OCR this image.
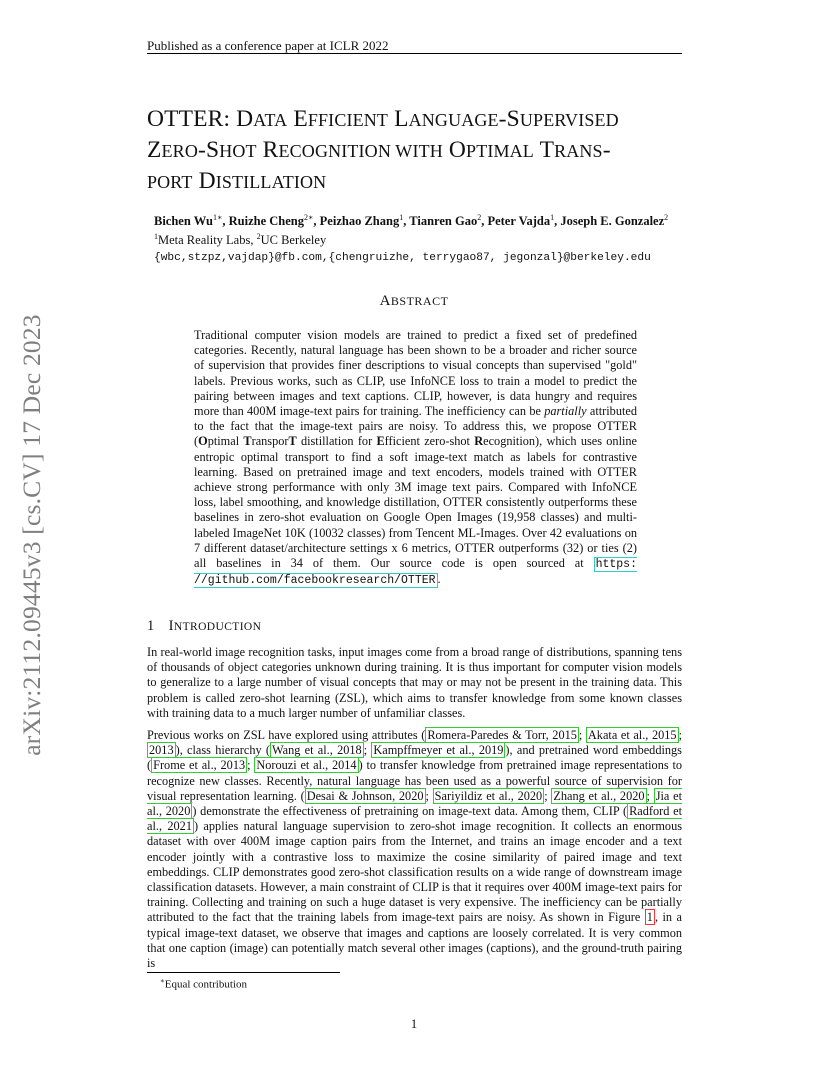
Published as a conference paper at ICLR 2022
arXiv:2112.09445v3 [cs.CV] 17 Dec 2023
OTTER: DATA EFFICIENT LANGUAGE-SUPERVISED
ZERO-SHOT RECOGNITION WITH OPTIMAL TRANS-
PORT DISTILLATION
Bichen $Wu^{1∗}$, Ruizhe Cheng$^{2∗}$, Peizhao Zhang$^1$, Tianren Gao$^2$, Peter Vajda$^1$, Joseph E. Gonzalez$^2$
$^1$Meta Reality Labs, $^2$UC Berkeley
{wbc,stzpz,vajdap}@fb.com,{chengruizhe, terrygao87, jegonzal}@berkeley.edu
ABSTRACT
Traditional computer vision models are trained to predict a fixed set of predefined categories. Recently, natural language has been shown to be a broader and richer source of supervision that provides finer descriptions to visual concepts than supervised "gold" labels. Previous works, such as CLIP, use InfoNCE loss to train a model to predict the pairing between images and text captions. CLIP, however, is data hungry and requires more than 400M image-text pairs for training. The inefficiency can be partially attributed to the fact that the image-text pairs are noisy. To address this, we propose OTTER (Optimal TransporT distillation for Efficient zero-shot Recognition), which uses online entropic optimal transport to find a soft image-text match as labels for contrastive learning. Based on pretrained image and text encoders, models trained with OTTER achieve strong performance with only 3M image text pairs. Compared with InfoNCE loss, label smoothing, and knowledge distillation, OTTER consistently outperforms these baselines in zero-shot evaluation on Google Open Images (19,958 classes) and multi-labeled ImageNet 10K (10032 classes) from Tencent ML-Images. Over 42 evaluations on 7 different dataset/architecture settings x 6 metrics, OTTER outperforms (32) or ties (2) all baselines in 34 of them. Our source code is open sourced at https: //github.com/facebookresearch/OTTER .
1 INTRODUCTION
In real-world image recognition tasks, input images come from a broad range of distributions, spanning tens of thousands of object categories unknown during training. It is thus important for computer vision models to generalize to a large number of visual concepts that may or may not be present in the training data. This problem is called zero-shot learning (ZSL), which aims to transfer knowledge from some known classes with training data to a much larger number of unfamiliar classes.
Previous works on ZSL have explored using attributes ( Romera-Paredes & Torr, 2015 ; Akata et al., 2015 ; 2013 ), class hierarchy ( Wang et al., 2018 ; Kampffmeyer et al., 2019 ), and pretrained word embeddings ( Frome et al., 2013 ; Norouzi et al., 2014 ) to transfer knowledge from pretrained image representations to recognize new classes. Recently, natural language has been used as a powerful source of supervision for visual representation learning. ( Desai & Johnson, 2020 ; Sariyildiz et al., 2020 ; Zhang et al., 2020 ; Jia et al., 2020 ) demonstrate the effectiveness of pretraining on image-text data. Among them, CLIP ( Radford et al., 2021 ) applies natural language supervision to zero-shot image recognition. It collects an enormous dataset with over 400M image caption pairs from the Internet, and trains an image encoder and a text encoder jointly with a contrastive loss to maximize the cosine similarity of paired image and text embeddings. CLIP demonstrates good zero-shot classification results on a wide range of downstream image classification datasets. However, a main constraint of CLIP is that it requires over 400M image-text pairs for training. Collecting and training on such a huge dataset is very expensive. The inefficiency can be partially attributed to the fact that the training labels from image-text pairs are noisy. As shown in Figure 1 , in a typical image-text dataset, we observe that images and captions are loosely correlated. It is very common that one caption (image) can potentially match several other images (captions), and the ground-truth pairing is
∗Equal contribution
1
